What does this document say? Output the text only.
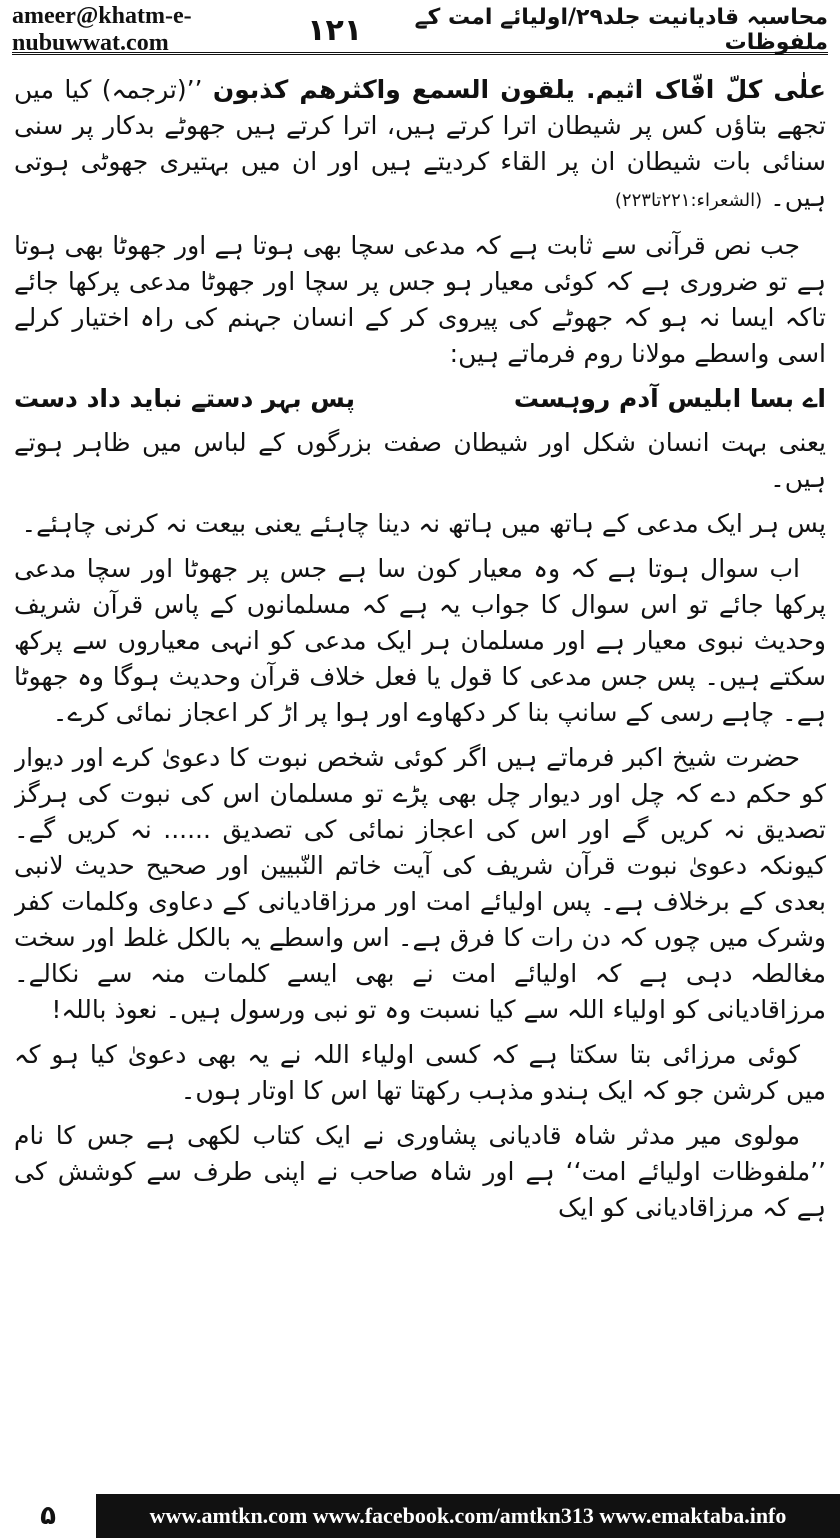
ameer@khatm-e-nubuwwat.com
محاسبہ قادیانیت جلد۲۹/اولیائے امت کے ملفوظات
۱۲۱

علٰی کلّ افّاک اثیم. یلقون السمع واکثرھم کذبون ’’(ترجمہ) کیا میں تجھے بتاؤں کس پر شیطان اترا کرتے ہیں، اترا کرتے ہیں جھوٹے بدکار پر سنی سنائی بات شیطان ان پر القاء کردیتے ہیں اور ان میں بہتیری جھوٹی ہوتی ہیں۔ (الشعراء:۲۲۱تا۲۲۳)

جب نص قرآنی سے ثابت ہے کہ مدعی سچا بھی ہوتا ہے اور جھوٹا بھی ہوتا ہے تو ضروری ہے کہ کوئی معیار ہو جس پر سچا اور جھوٹا مدعی پرکھا جائے تاکہ ایسا نہ ہو کہ جھوٹے کی پیروی کر کے انسان جہنم کی راہ اختیار کرلے اسی واسطے مولانا روم فرماتے ہیں:

اے بسا ابلیس آدم روہست
پس بہر دستے نباید داد دست

یعنی بہت انسان شکل اور شیطان صفت بزرگوں کے لباس میں ظاہر ہوتے ہیں۔

پس ہر ایک مدعی کے ہاتھ میں ہاتھ نہ دینا چاہئے یعنی بیعت نہ کرنی چاہئے۔

اب سوال ہوتا ہے کہ وہ معیار کون سا ہے جس پر جھوٹا اور سچا مدعی پرکھا جائے تو اس سوال کا جواب یہ ہے کہ مسلمانوں کے پاس قرآن شریف وحدیث نبوی معیار ہے اور مسلمان ہر ایک مدعی کو انہی معیاروں سے پرکھ سکتے ہیں۔ پس جس مدعی کا قول یا فعل خلاف قرآن وحدیث ہوگا وہ جھوٹا ہے۔ چاہے رسی کے سانپ بنا کر دکھاوے اور ہوا پر اڑ کر اعجاز نمائی کرے۔

حضرت شیخ اکبر فرماتے ہیں اگر کوئی شخص نبوت کا دعویٰ کرے اور دیوار کو حکم دے کہ چل اور دیوار چل بھی پڑے تو مسلمان اس کی نبوت کی ہرگز تصدیق نہ کریں گے اور اس کی اعجاز نمائی کی تصدیق ...... نہ کریں گے۔ کیونکہ دعویٰ نبوت قرآن شریف کی آیت خاتم النّبیین اور صحیح حدیث لانبی بعدی کے برخلاف ہے۔ پس اولیائے امت اور مرزاقادیانی کے دعاوی وکلمات کفر وشرک میں چوں کہ دن رات کا فرق ہے۔ اس واسطے یہ بالکل غلط اور سخت مغالطہ دہی ہے کہ اولیائے امت نے بھی ایسے کلمات منہ سے نکالے۔ مرزاقادیانی کو اولیاء اللہ سے کیا نسبت وہ تو نبی ورسول ہیں۔ نعوذ باللہ!

کوئی مرزائی بتا سکتا ہے کہ کسی اولیاء اللہ نے یہ بھی دعویٰ کیا ہو کہ میں کرشن جو کہ ایک ہندو مذہب رکھتا تھا اس کا اوتار ہوں۔

مولوی میر مدثر شاہ قادیانی پشاوری نے ایک کتاب لکھی ہے جس کا نام ’’ملفوظات اولیائے امت‘‘ ہے اور شاہ صاحب نے اپنی طرف سے کوشش کی ہے کہ مرزاقادیانی کو ایک

۵	www.amtkn.com www.facebook.com/amtkn313 www.emaktaba.info
